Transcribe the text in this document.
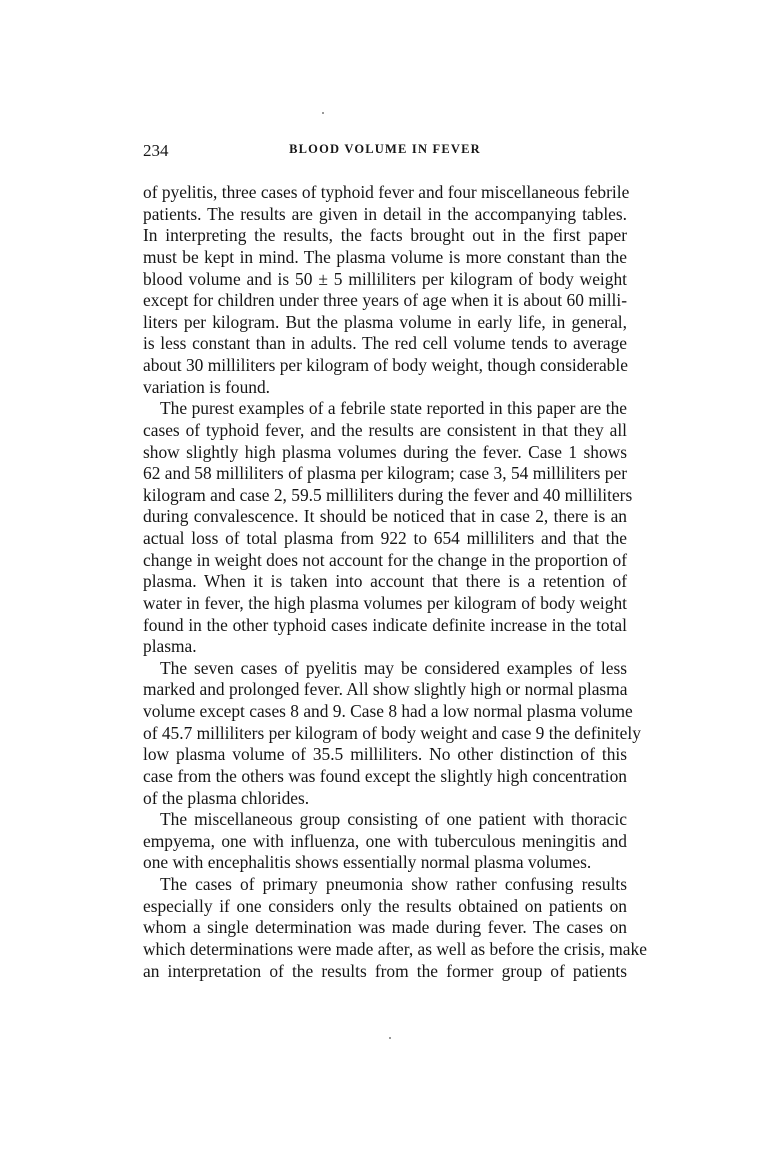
234	BLOOD VOLUME IN FEVER
of pyelitis, three cases of typhoid fever and four miscellaneous febrile
patients. The results are given in detail in the accompanying tables.
In interpreting the results, the facts brought out in the first paper
must be kept in mind. The plasma volume is more constant than the
blood volume and is 50 ± 5 milliliters per kilogram of body weight
except for children under three years of age when it is about 60 milli-
liters per kilogram. But the plasma volume in early life, in general,
is less constant than in adults. The red cell volume tends to average
about 30 milliliters per kilogram of body weight, though considerable
variation is found.
The purest examples of a febrile state reported in this paper are the
cases of typhoid fever, and the results are consistent in that they all
show slightly high plasma volumes during the fever. Case 1 shows
62 and 58 milliliters of plasma per kilogram; case 3, 54 milliliters per
kilogram and case 2, 59.5 milliliters during the fever and 40 milliliters
during convalescence. It should be noticed that in case 2, there is an
actual loss of total plasma from 922 to 654 milliliters and that the
change in weight does not account for the change in the proportion of
plasma. When it is taken into account that there is a retention of
water in fever, the high plasma volumes per kilogram of body weight
found in the other typhoid cases indicate definite increase in the total
plasma.
The seven cases of pyelitis may be considered examples of less
marked and prolonged fever. All show slightly high or normal plasma
volume except cases 8 and 9. Case 8 had a low normal plasma volume
of 45.7 milliliters per kilogram of body weight and case 9 the definitely
low plasma volume of 35.5 milliliters. No other distinction of this
case from the others was found except the slightly high concentration
of the plasma chlorides.
The miscellaneous group consisting of one patient with thoracic
empyema, one with influenza, one with tuberculous meningitis and
one with encephalitis shows essentially normal plasma volumes.
The cases of primary pneumonia show rather confusing results
especially if one considers only the results obtained on patients on
whom a single determination was made during fever. The cases on
which determinations were made after, as well as before the crisis, make
an interpretation of the results from the former group of patients
